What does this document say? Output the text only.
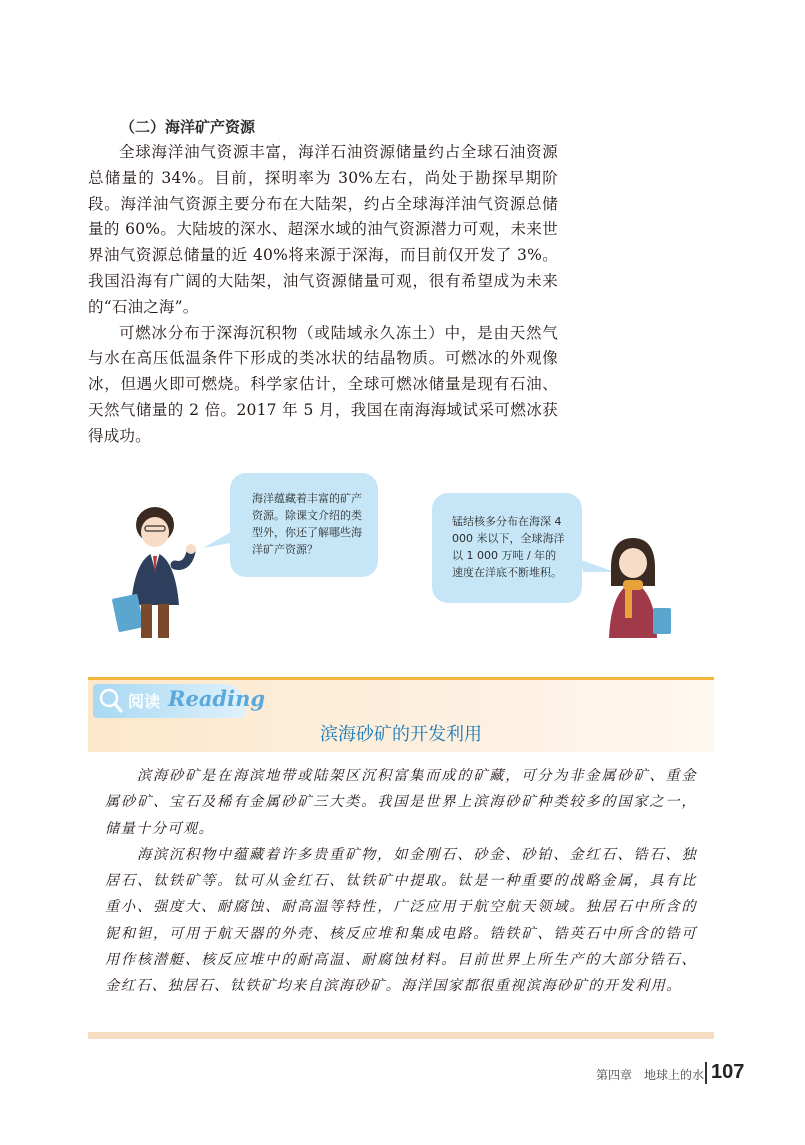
（二）海洋矿产资源

全球海洋油气资源丰富，海洋石油资源储量约占全球石油资源总储量的 34%。目前，探明率为 30%左右，尚处于勘探早期阶段。海洋油气资源主要分布在大陆架，约占全球海洋油气资源总储量的 60%。大陆坡的深水、超深水域的油气资源潜力可观，未来世界油气资源总储量的近 40%将来源于深海，而目前仅开发了 3%。我国沿海有广阔的大陆架，油气资源储量可观，很有希望成为未来的“石油之海”。

可燃冰分布于深海沉积物（或陆域永久冻土）中，是由天然气与水在高压低温条件下形成的类冰状的结晶物质。可燃冰的外观像冰，但遇火即可燃烧。科学家估计，全球可燃冰储量是现有石油、天然气储量的 2 倍。2017 年 5 月，我国在南海海域试采可燃冰获得成功。

海洋蕴藏着丰富的矿产资源。除课文介绍的类型外，你还了解哪些海洋矿产资源？
锰结核多分布在海深 4 000 米以下，全球海洋以 1 000 万吨 / 年的速度在洋底不断堆积。
阅读 Reading
滨海砂矿的开发利用

滨海砂矿是在海滨地带或陆架区沉积富集而成的矿藏，可分为非金属砂矿、重金属砂矿、宝石及稀有金属砂矿三大类。我国是世界上滨海砂矿种类较多的国家之一，储量十分可观。

海滨沉积物中蕴藏着许多贵重矿物，如金刚石、砂金、砂铂、金红石、锆石、独居石、钛铁矿等。钛可从金红石、钛铁矿中提取。钛是一种重要的战略金属，具有比重小、强度大、耐腐蚀、耐高温等特性，广泛应用于航空航天领域。独居石中所含的铌和钽，可用于航天器的外壳、核反应堆和集成电路。锆铁矿、锆英石中所含的锆可用作核潜艇、核反应堆中的耐高温、耐腐蚀材料。目前世界上所生产的大部分锆石、金红石、独居石、钛铁矿均来自滨海砂矿。海洋国家都很重视滨海砂矿的开发利用。

第四章　地球上的水 107
